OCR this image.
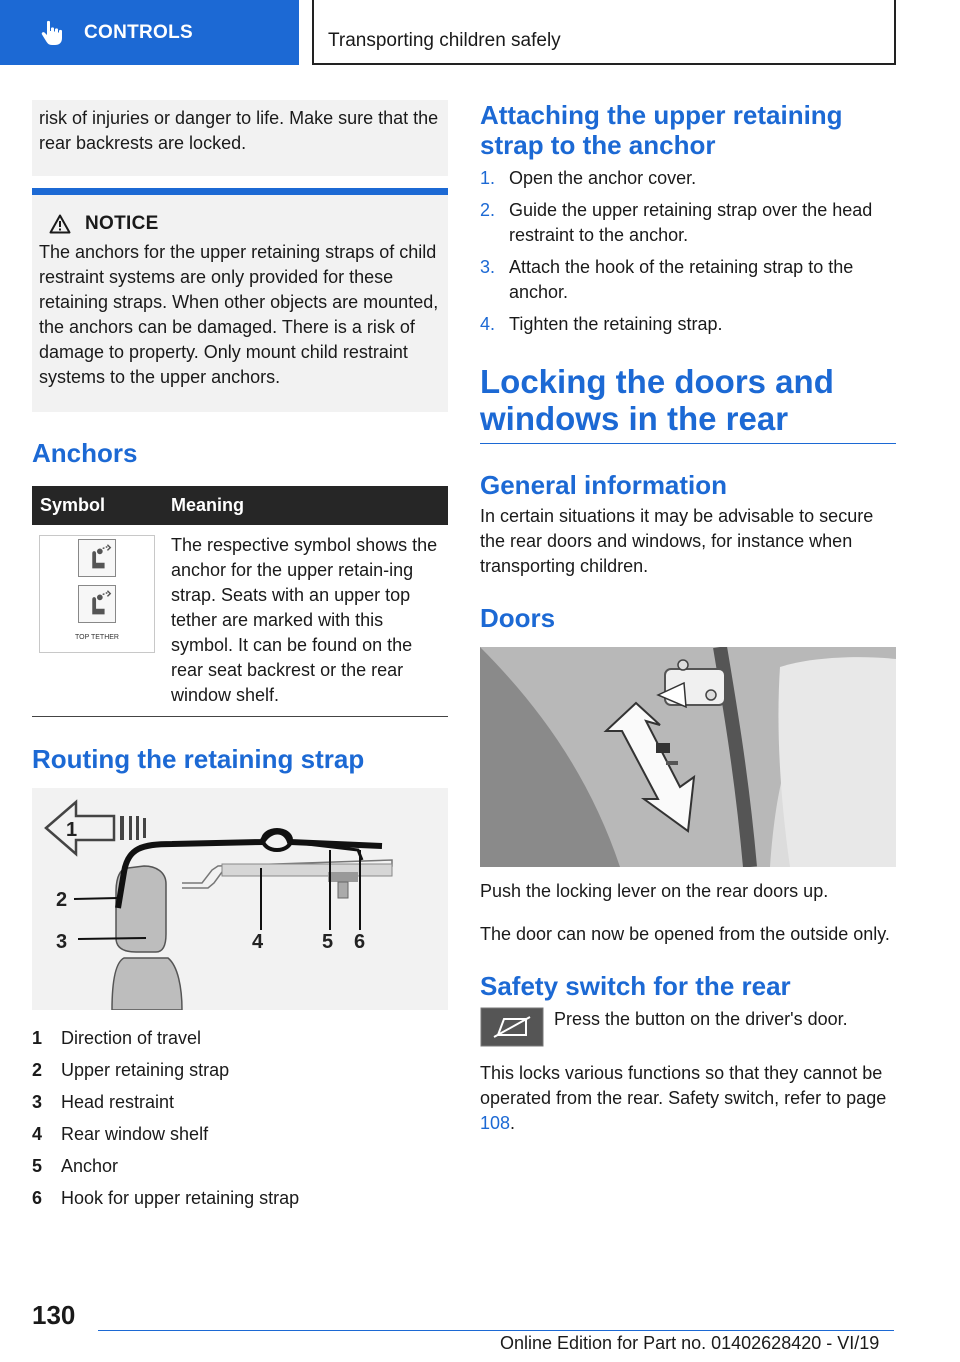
CONTROLS	Transporting children safely

risk of injuries or danger to life. Make sure that the rear backrests are locked.

NOTICE

The anchors for the upper retaining straps of child restraint systems are only provided for these retaining straps. When other objects are mounted, the anchors can be damaged. There is a risk of damage to property. Only mount child restraint systems to the upper anchors.

Anchors
Symbol	Meaning

TOP TETHER	The respective symbol shows the anchor for the upper retain-ing strap. Seats with an upper top tether are marked with this symbol. It can be found on the rear seat backrest or the rear window shelf.
Routing the retaining strap
1
2
3	4	5 6
1	Direction of travel
2	Upper retaining strap
3	Head restraint
4	Rear window shelf
5	Anchor
6	Hook for upper retaining strap
Attaching the upper retaining strap to the anchor
1. Open the anchor cover.
2. Guide the upper retaining strap over the head restraint to the anchor.
3. Attach the hook of the retaining strap to the anchor.
4. Tighten the retaining strap.
Locking the doors and windows in the rear
General information

In certain situations it may be advisable to secure the rear doors and windows, for instance when transporting children.

Doors

Push the locking lever on the rear doors up.

The door can now be opened from the outside only.

Safety switch for the rear

Press the button on the driver's door.

This locks various functions so that they cannot be operated from the rear. Safety switch, refer to page 108.

130
Online Edition for Part no. 01402628420 - VI/19
